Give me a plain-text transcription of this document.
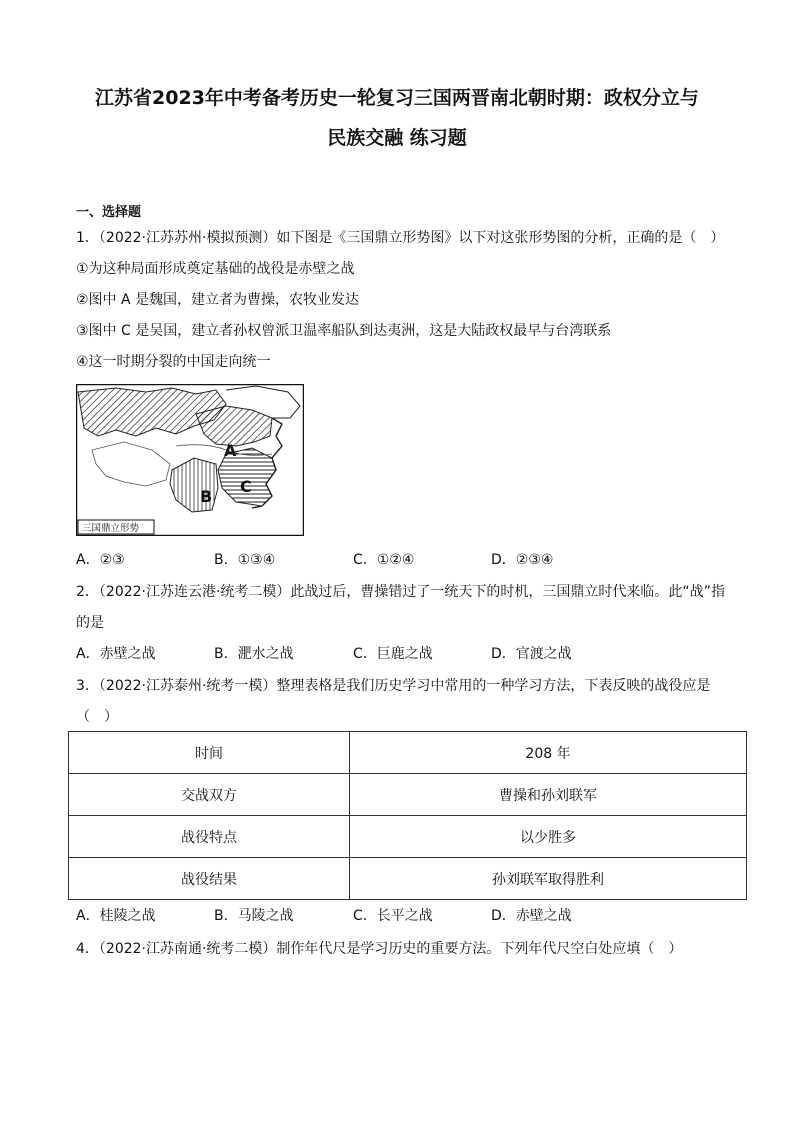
江苏省2023年中考备考历史一轮复习三国两晋南北朝时期：政权分立与
民族交融 练习题
一、选择题
1．（2022·江苏苏州·模拟预测）如下图是《三国鼎立形势图》以下对这张形势图的分析，正确的是（　）
①为这种局面形成奠定基础的战役是赤壁之战
②图中 A 是魏国，建立者为曹操，农牧业发达
③图中 C 是吴国，建立者孙权曾派卫温率船队到达夷洲，这是大陆政权最早与台湾联系
④这一时期分裂的中国走向统一
三国鼎立形势
A
B
C
A．②③	B．①③④	C．①②④	D．②③④
2．（2022·江苏连云港·统考二模）此战过后，曹操错过了一统天下的时机，三国鼎立时代来临。此“战”指
的是
A．赤壁之战	B．淝水之战	C．巨鹿之战	D．官渡之战
3．（2022·江苏泰州·统考一模）整理表格是我们历史学习中常用的一种学习方法，下表反映的战役应是
（　）
时间	208 年
交战双方	曹操和孙刘联军
战役特点	以少胜多
战役结果	孙刘联军取得胜利
A．桂陵之战	B．马陵之战	C．长平之战	D．赤壁之战
4．（2022·江苏南通·统考二模）制作年代尺是学习历史的重要方法。下列年代尺空白处应填（　）
